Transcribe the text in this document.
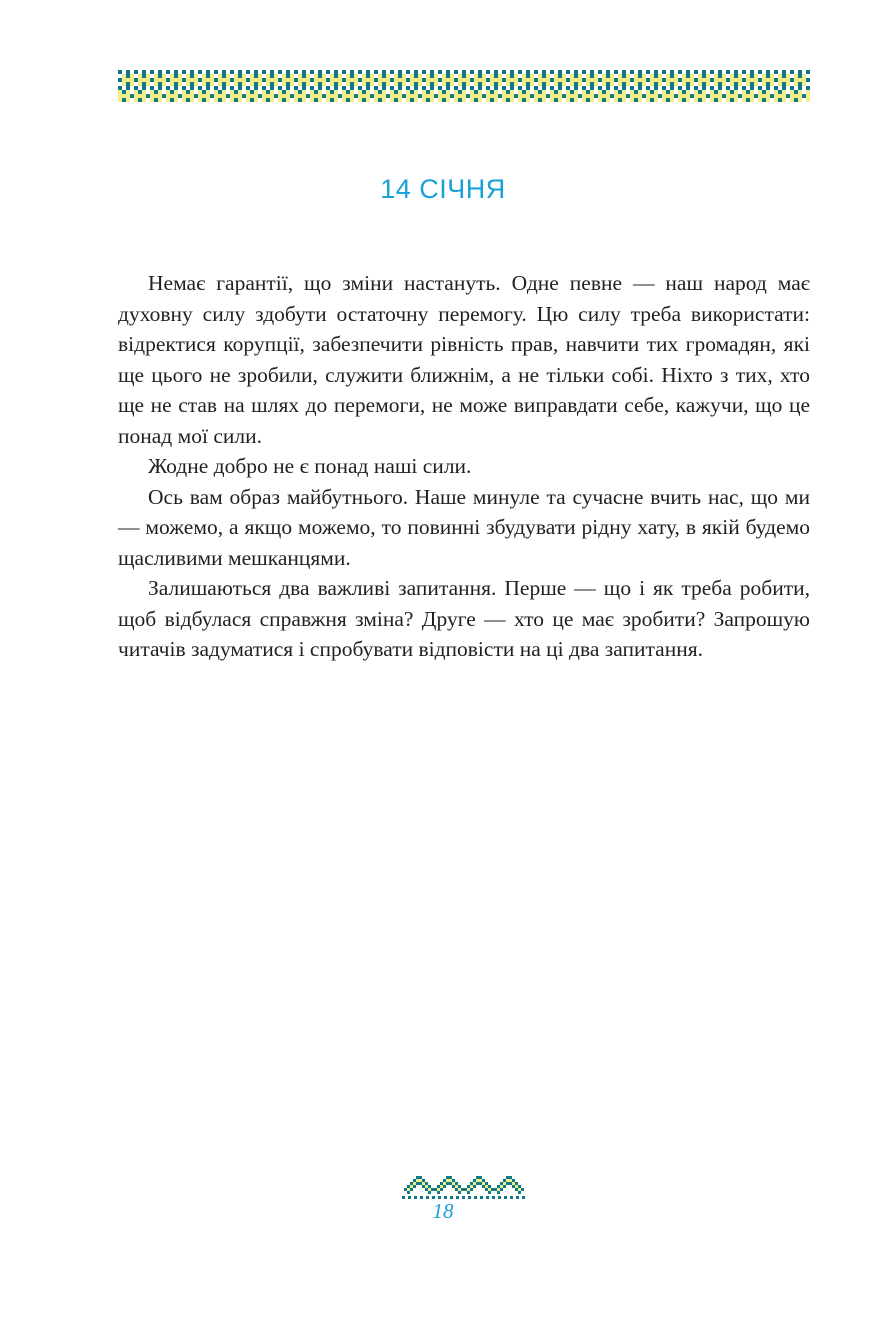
14 СІЧНЯ

Немає гарантії, що зміни настануть. Одне певне — наш народ має духовну силу здобути остаточну перемогу. Цю силу треба використати: відректися корупції, забезпечити рівність прав, навчити тих громадян, які ще цього не зробили, служити ближнім, а не тільки собі. Ніхто з тих, хто ще не став на шлях до перемоги, не може виправдати себе, кажучи, що це понад мої сили.

Жодне добро не є понад наші сили.

Ось вам образ майбутнього. Наше минуле та сучасне вчить нас, що ми — можемо, а якщо можемо, то повинні збудувати рідну хату, в якій будемо щасливими мешканцями.

Залишаються два важливі запитання. Перше — що і як треба робити, щоб відбулася справжня зміна? Друге — хто це має зробити? Запрошую читачів задуматися і спробувати відповісти на ці два запитання.

18
